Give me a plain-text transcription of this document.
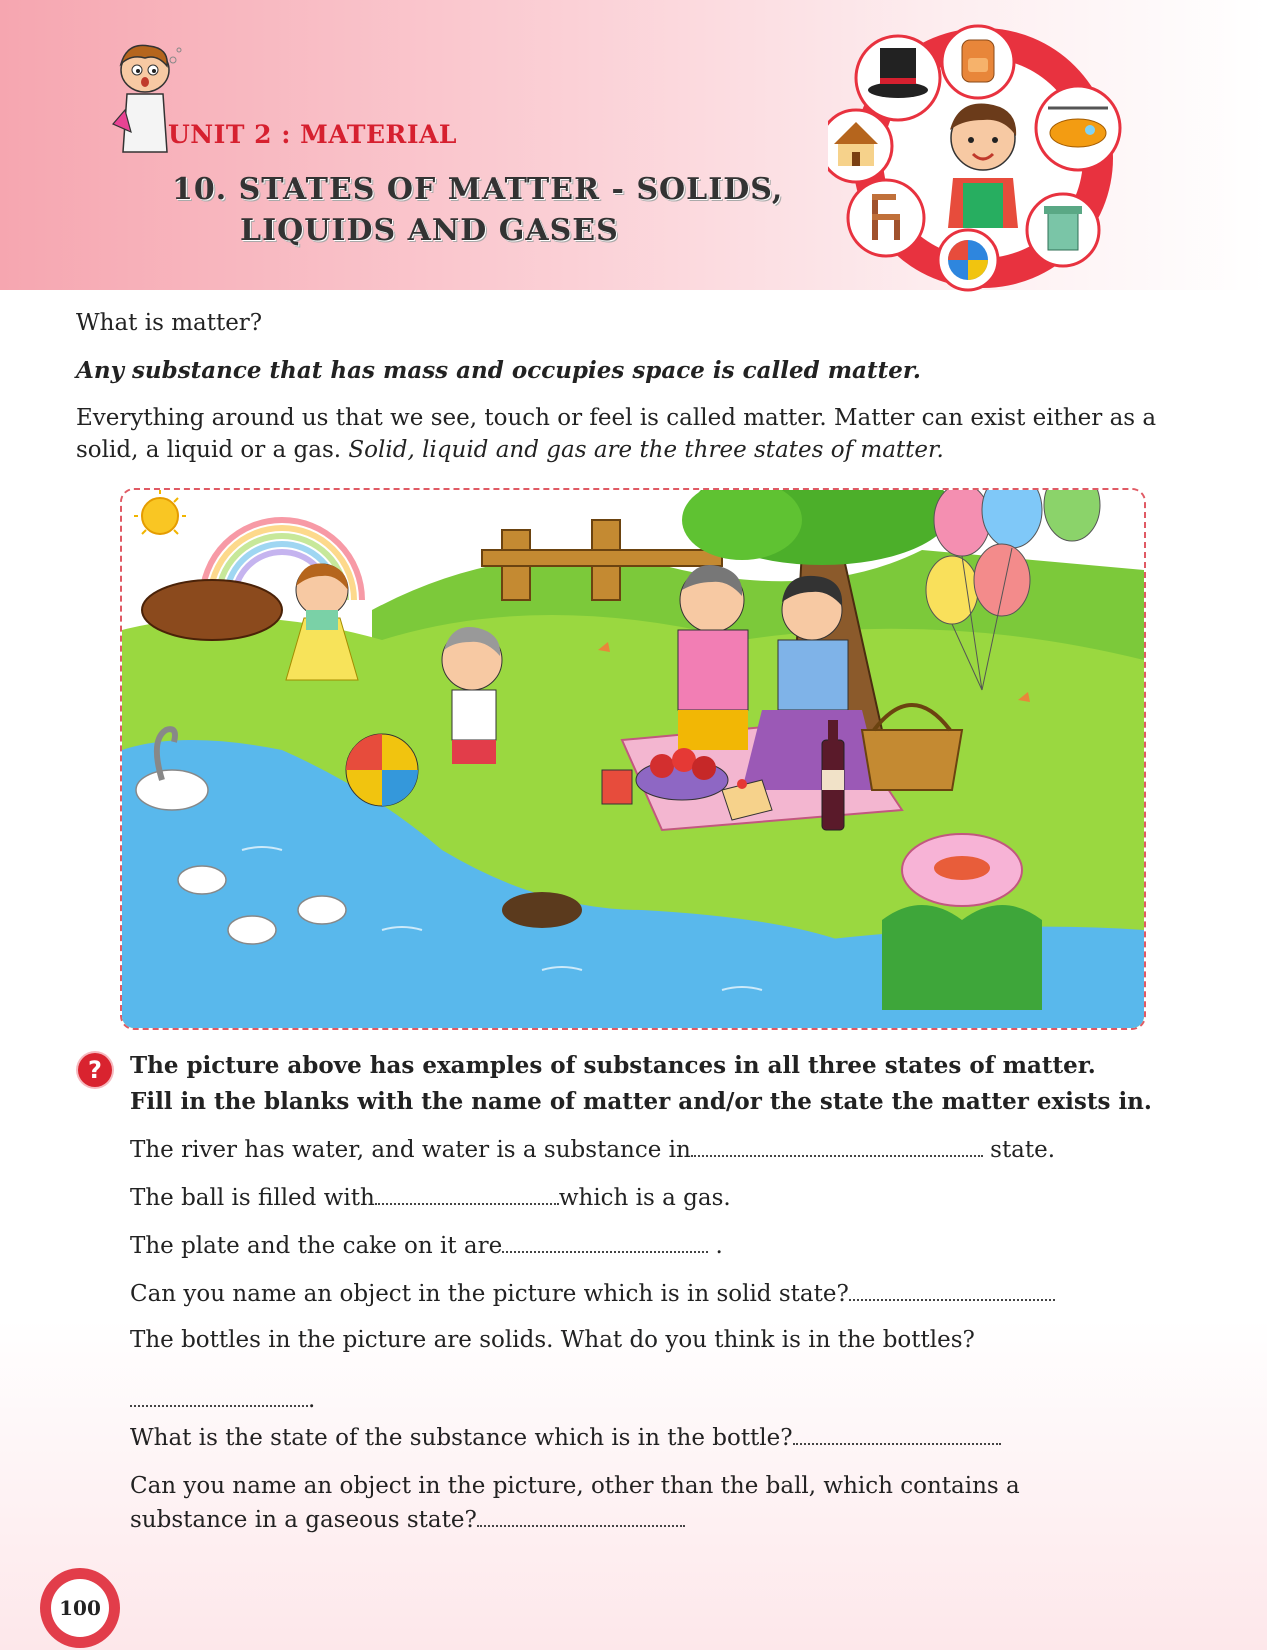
UNIT 2 : MATERIAL
10. STATES OF MATTER - SOLIDS,
LIQUIDS AND GASES
What is matter?
Any substance that has mass and occupies space is called matter.
Everything around us that we see, touch or feel is called matter. Matter can exist either as a solid, a liquid or a gas. Solid, liquid and gas are the three states of matter.
?	The picture above has examples of substances in all three states of matter.
Fill in the blanks with the name of matter and/or the state the matter exists in.
The river has water, and water is a substance in	state.
The ball is filled with	which is a gas.
The plate and the cake on it are	.
Can you name an object in the picture which is in solid state?
The bottles in the picture are solids. What do you think is in the bottles?
.
What is the state of the substance which is in the bottle?
Can you name an object in the picture, other than the ball, which contains a
substance in a gaseous state?
100
